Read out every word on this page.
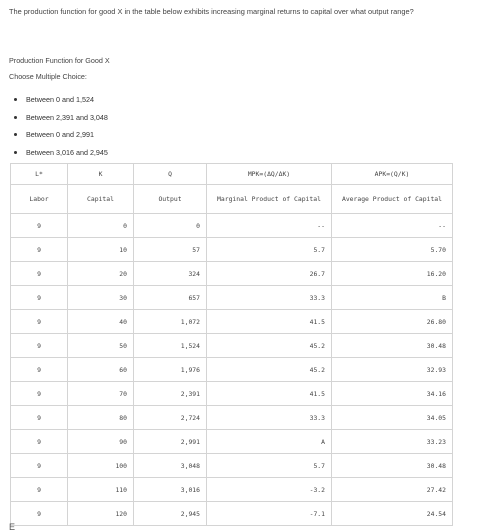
The production function for good X in the table below exhibits increasing marginal returns to capital over what output range?
Production Function for Good X
Choose Multiple Choice:
Between 0 and 1,524
Between 2,391 and 3,048
Between 0 and 2,991
Between 3,016 and 2,945
L*	K	Q	MPK=(ΔQ/ΔK)	APK=(Q/K)
Labor	Capital	Output	Marginal Product of Capital	Average Product of Capital
9	0	0	--	--
9	10	57	5.7	5.70
9	20	324	26.7	16.20
9	30	657	33.3	B
9	40	1,072	41.5	26.80
9	50	1,524	45.2	30.48
9	60	1,976	45.2	32.93
9	70	2,391	41.5	34.16
9	80	2,724	33.3	34.05
9	90	2,991	A	33.23
9	100	3,048	5.7	30.48
9	110	3,016	-3.2	27.42
9	120	2,945	-7.1	24.54
E
